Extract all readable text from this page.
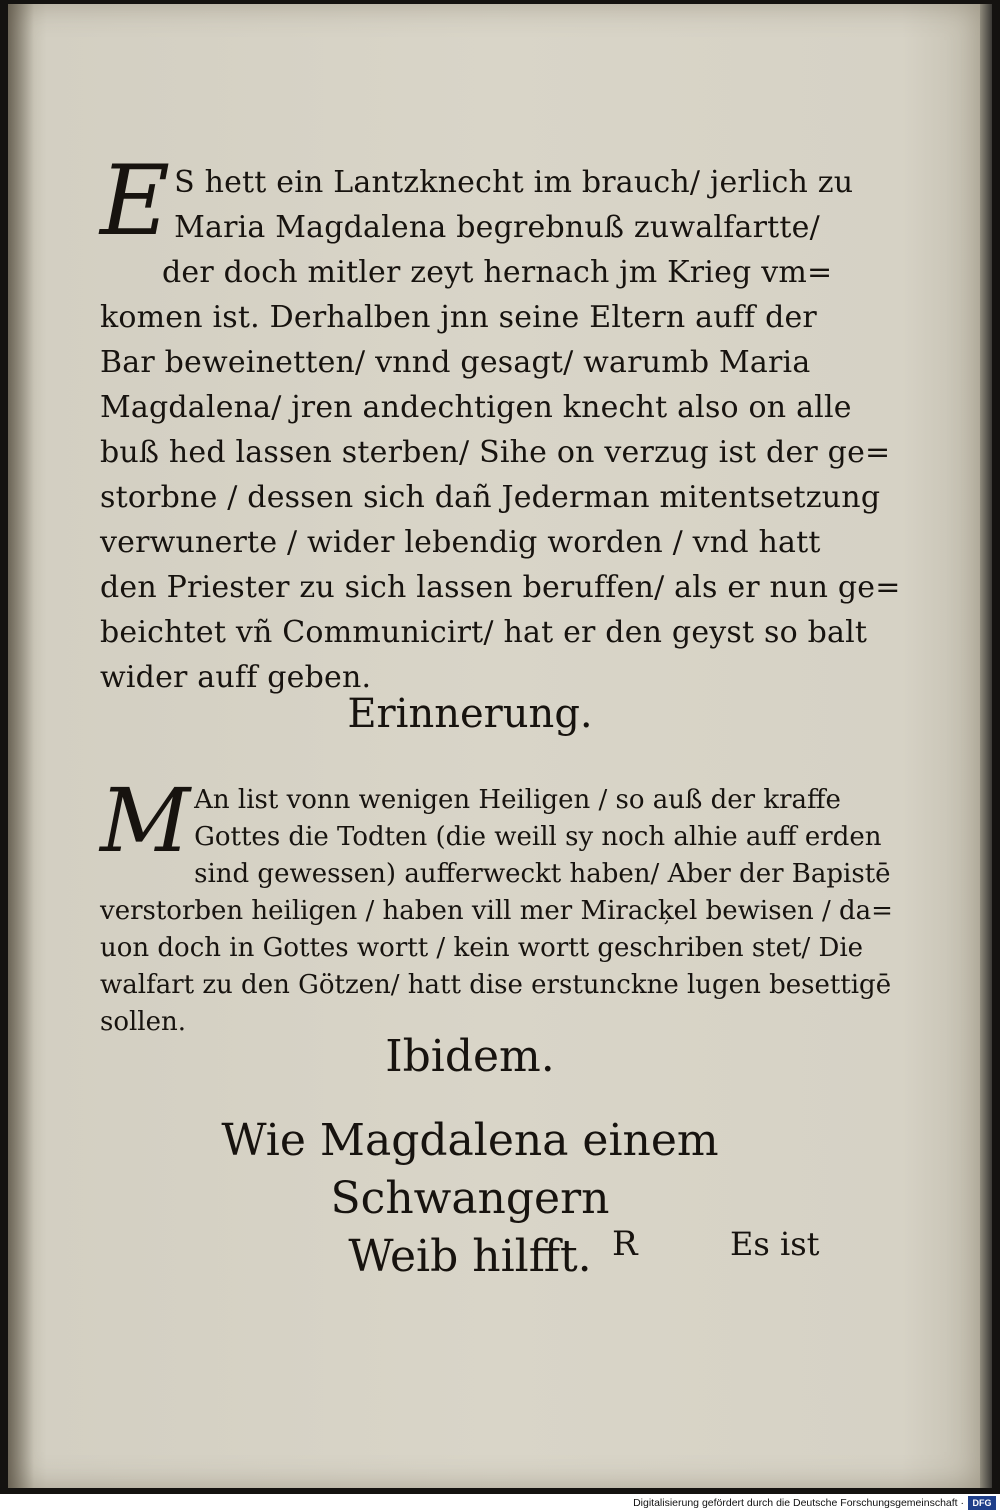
E S hett ein Lantzknecht im brauch/ jerlich zu
Maria Magdalena begrebnuß zuwalfartte/
der doch mitler zeyt hernach jm Krieg vm=
komen ist. Derhalben jnn seine Eltern auff der
Bar beweinetten/ vnnd gesagt/ warumb Maria
Magdalena/ jren andechtigen knecht also on alle
buß hed lassen sterben/ Sihe on verzug ist der ge=
storbne / dessen sich dañ Jederman mitentsetzung
verwunerte / wider lebendig worden / vnd hatt
den Priester zu sich lassen beruffen/ als er nun ge=
beichtet vñ Communicirt/ hat er den geyst so balt
wider auff geben.
Erinnerung.
M An list vonn wenigen Heiligen / so auß der kraffe
Gottes die Todten (die weill sy noch alhie auff erden
sind gewessen) aufferweckt haben/ Aber der Bapistē
verstorben heiligen / haben vill mer Miracķel bewisen / da=
uon doch in Gottes wortt / kein wortt geschriben stet/ Die
walfart zu den Götzen/ hatt dise erstunckne lugen besettigē
sollen.
Ibidem.
Wie Magdalena einem Schwangern
Weib hilfft. R	Es ist
Digitalisierung gefördert durch die Deutsche Forschungsgemeinschaft · DFG
